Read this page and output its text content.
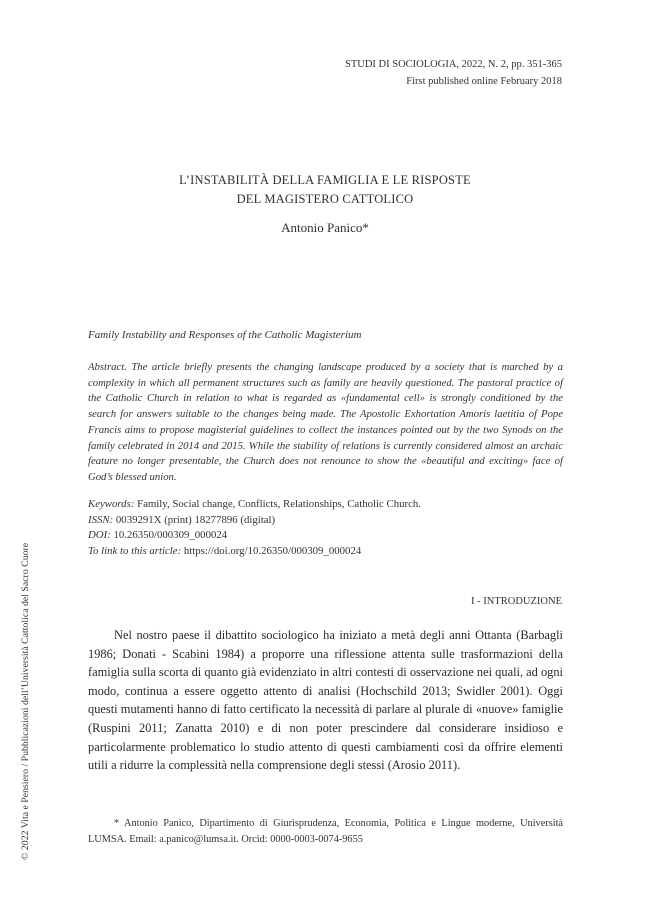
STUDI DI SOCIOLOGIA, 2022, N. 2, pp. 351-365
First published online February 2018
L’INSTABILITÀ DELLA FAMIGLIA E LE RISPOSTE
DEL MAGISTERO CATTOLICO
Antonio Panico*
Family Instability and Responses of the Catholic Magisterium
Abstract. The article briefly presents the changing landscape produced by a society that is marched by a complexity in which all permanent structures such as family are heavily questioned. The pastoral practice of the Catholic Church in relation to what is regarded as «fundamental cell» is strongly conditioned by the search for answers suitable to the changes being made. The Apostolic Exhortation Amoris laetitia of Pope Francis aims to propose magisterial guidelines to collect the instances pointed out by the two Synods on the family celebrated in 2014 and 2015. While the stability of relations is currently considered almost an archaic feature no longer presentable, the Church does not renounce to show the «beautiful and exciting» face of God’s blessed union.
Keywords: Family, Social change, Conflicts, Relationships, Catholic Church.
ISSN: 0039291X (print) 18277896 (digital)
DOI: 10.26350/000309_000024
To link to this article: https://doi.org/10.26350/000309_000024
I - INTRODUZIONE
Nel nostro paese il dibattito sociologico ha iniziato a metà degli anni Ottanta (Barbagli 1986; Donati - Scabini 1984) a proporre una riflessione attenta sulle trasformazioni della famiglia sulla scorta di quanto già evidenziato in altri contesti di osservazione nei quali, ad ogni modo, continua a essere oggetto attento di analisi (Hochschild 2013; Swidler 2001). Oggi questi mutamenti hanno di fatto certificato la necessità di parlare al plurale di «nuove» famiglie (Ruspini 2011; Zanatta 2010) e di non poter prescindere dal considerare insidioso e particolarmente problematico lo studio attento di questi cambiamenti così da offrire elementi utili a ridurre la complessità nella comprensione degli stessi (Arosio 2011).
* Antonio Panico, Dipartimento di Giurisprudenza, Economia, Politica e Lingue moderne, Università LUMSA. Email: a.panico@lumsa.it. Orcid: 0000-0003-0074-9655
© 2022 Vita e Pensiero / Pubblicazioni dell’Università Cattolica del Sacro Cuore
